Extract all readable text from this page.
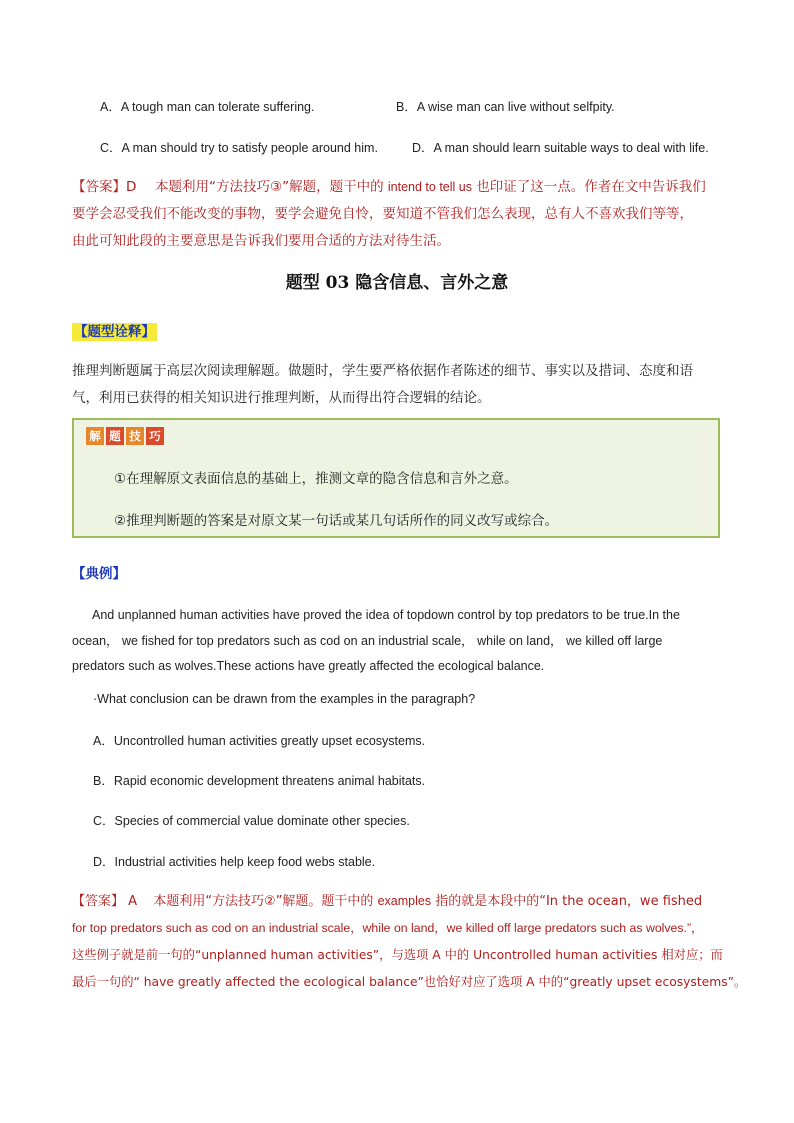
A．A tough man can tolerate suffering.	B．A wise man can live without selfpity.
C．A man should try to satisfy people around him.	D．A man should learn suitable ways to deal with life.
【答案】D 本题利用“方法技巧③”解题，题干中的 intend to tell us 也印证了这一点。作者在文中告诉我们
要学会忍受我们不能改变的事物，要学会避免自怜，要知道不管我们怎么表现，总有人不喜欢我们等等，
由此可知此段的主要意思是告诉我们要用合适的方法对待生活。
题型 03 隐含信息、言外之意
【题型诠释】
推理判断题属于高层次阅读理解题。做题时，学生要严格依据作者陈述的细节、事实以及措词、态度和语
气，利用已获得的相关知识进行推理判断，从而得出符合逻辑的结论。
解 题 技 巧
①在理解原文表面信息的基础上，推测文章的隐含信息和言外之意。
②推理判断题的答案是对原文某一句话或某几句话所作的同义改写或综合。
【典例】
And unplanned human activities have proved the idea of topdown control by top predators to be true.In the
ocean， we fished for top predators such as cod on an industrial scale， while on land， we killed off large
predators such as wolves.These actions have greatly affected the ecological balance.
·What conclusion can be drawn from the examples in the paragraph?
A．Uncontrolled human activities greatly upset ecosystems.
B．Rapid economic development threatens animal habitats.
C．Species of commercial value dominate other species.
D．Industrial activities help keep food webs stable.
【答案】 A 本题利用“方法技巧②”解题。题干中的 examples 指的就是本段中的“In the ocean，we fished
for top predators such as cod on an industrial scale，while on land，we killed off large predators such as wolves.”，
这些例子就是前一句的“unplanned human activities”，与选项 A 中的 Uncontrolled human activities 相对应；而
最后一句的“ have greatly affected the ecological balance”也恰好对应了选项 A 中的“greatly upset ecosystems”。
